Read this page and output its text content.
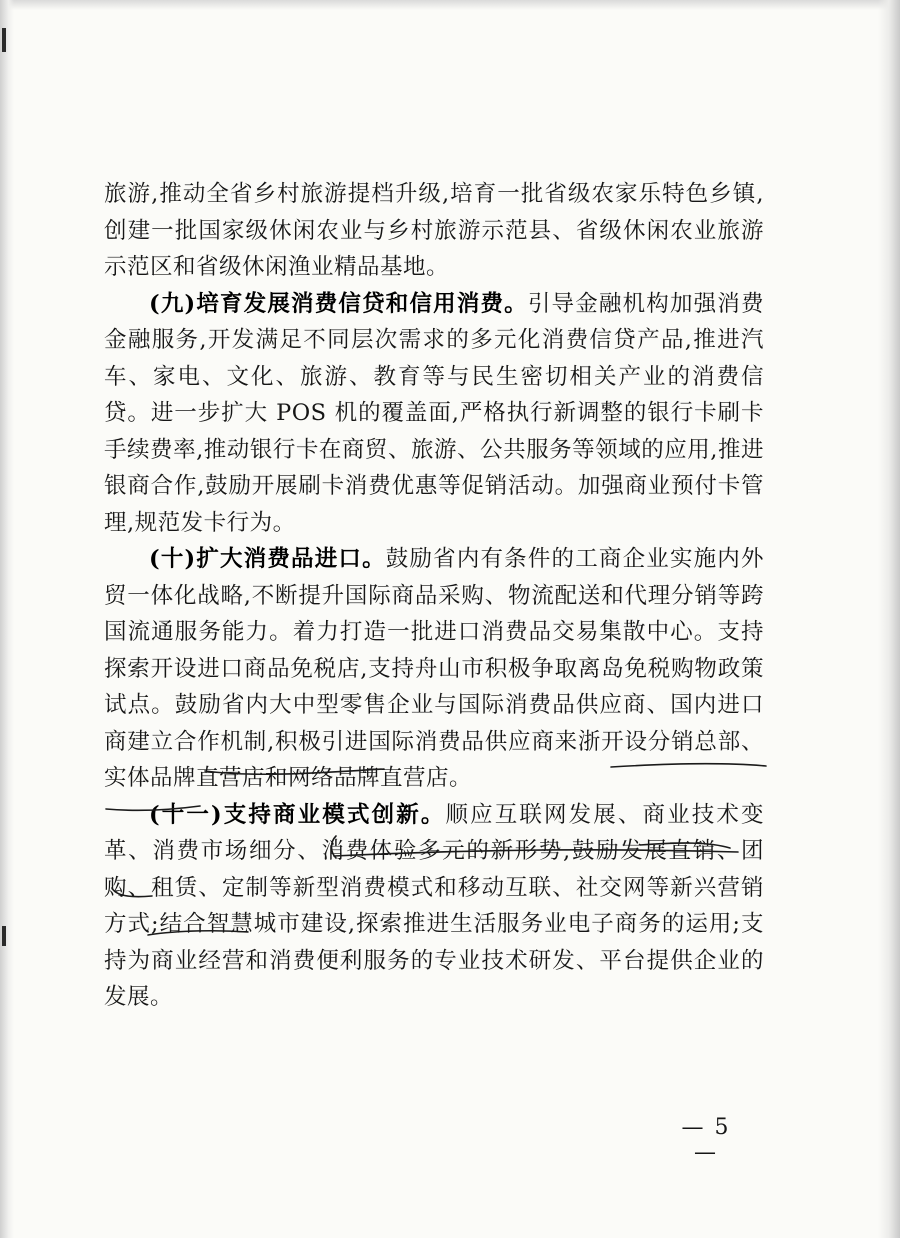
旅游,推动全省乡村旅游提档升级,培育一批省级农家乐特色乡镇,创建一批国家级休闲农业与乡村旅游示范县、省级休闲农业旅游示范区和省级休闲渔业精品基地。

(九)培育发展消费信贷和信用消费。引导金融机构加强消费金融服务,开发满足不同层次需求的多元化消费信贷产品,推进汽车、家电、文化、旅游、教育等与民生密切相关产业的消费信贷。进一步扩大 POS 机的覆盖面,严格执行新调整的银行卡刷卡手续费率,推动银行卡在商贸、旅游、公共服务等领域的应用,推进银商合作,鼓励开展刷卡消费优惠等促销活动。加强商业预付卡管理,规范发卡行为。

(十)扩大消费品进口。鼓励省内有条件的工商企业实施内外贸一体化战略,不断提升国际商品采购、物流配送和代理分销等跨国流通服务能力。着力打造一批进口消费品交易集散中心。支持探索开设进口商品免税店,支持舟山市积极争取离岛免税购物政策试点。鼓励省内大中型零售企业与国际消费品供应商、国内进口商建立合作机制,积极引进国际消费品供应商来浙开设分销总部、实体品牌直营店和网络品牌直营店。

(十一)支持商业模式创新。顺应互联网发展、商业技术变革、消费市场细分、消费体验多元的新形势,鼓励发展直销、团购、租赁、定制等新型消费模式和移动互联、社交网等新兴营销方式;结合智慧城市建设,探索推进生活服务业电子商务的运用;支持为商业经营和消费便利服务的专业技术研发、平台提供企业的发展。

— 5 —
